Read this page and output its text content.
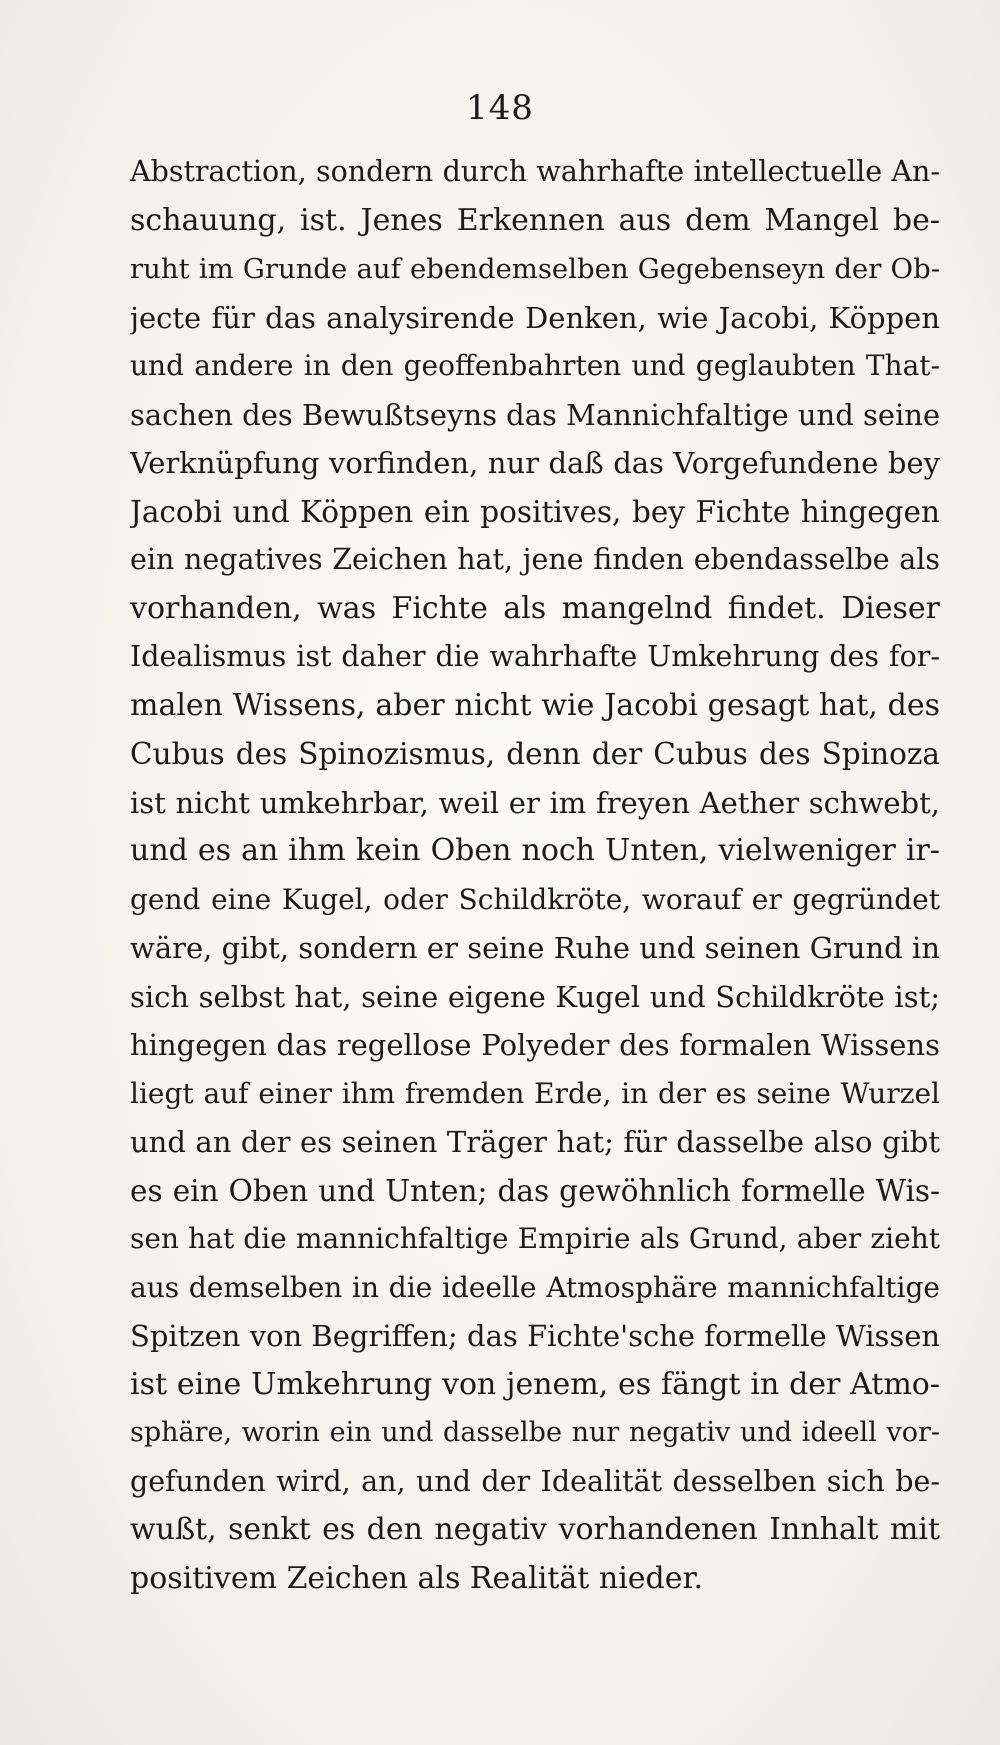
148
Abstraction, sondern durch wahrhafte intellectuelle An-
schauung, ist. Jenes Erkennen aus dem Mangel be-
ruht im Grunde auf ebendemselben Gegebenseyn der Ob-
jecte für das analysirende Denken, wie Jacobi, Köppen
und andere in den geoffenbahrten und geglaubten That-
sachen des Bewußtseyns das Mannichfaltige und seine
Verknüpfung vorfinden, nur daß das Vorgefundene bey
Jacobi und Köppen ein positives, bey Fichte hingegen
ein negatives Zeichen hat, jene finden ebendasselbe als
vorhanden, was Fichte als mangelnd findet. Dieser
Idealismus ist daher die wahrhafte Umkehrung des for-
malen Wissens, aber nicht wie Jacobi gesagt hat, des
Cubus des Spinozismus, denn der Cubus des Spinoza
ist nicht umkehrbar, weil er im freyen Aether schwebt,
und es an ihm kein Oben noch Unten, vielweniger ir-
gend eine Kugel, oder Schildkröte, worauf er gegründet
wäre, gibt, sondern er seine Ruhe und seinen Grund in
sich selbst hat, seine eigene Kugel und Schildkröte ist;
hingegen das regellose Polyeder des formalen Wissens
liegt auf einer ihm fremden Erde, in der es seine Wurzel
und an der es seinen Träger hat; für dasselbe also gibt
es ein Oben und Unten; das gewöhnlich formelle Wis-
sen hat die mannichfaltige Empirie als Grund, aber zieht
aus demselben in die ideelle Atmosphäre mannichfaltige
Spitzen von Begriffen; das Fichte'sche formelle Wissen
ist eine Umkehrung von jenem, es fängt in der Atmo-
sphäre, worin ein und dasselbe nur negativ und ideell vor-
gefunden wird, an, und der Idealität desselben sich be-
wußt, senkt es den negativ vorhandenen Innhalt mit
positivem Zeichen als Realität nieder.
